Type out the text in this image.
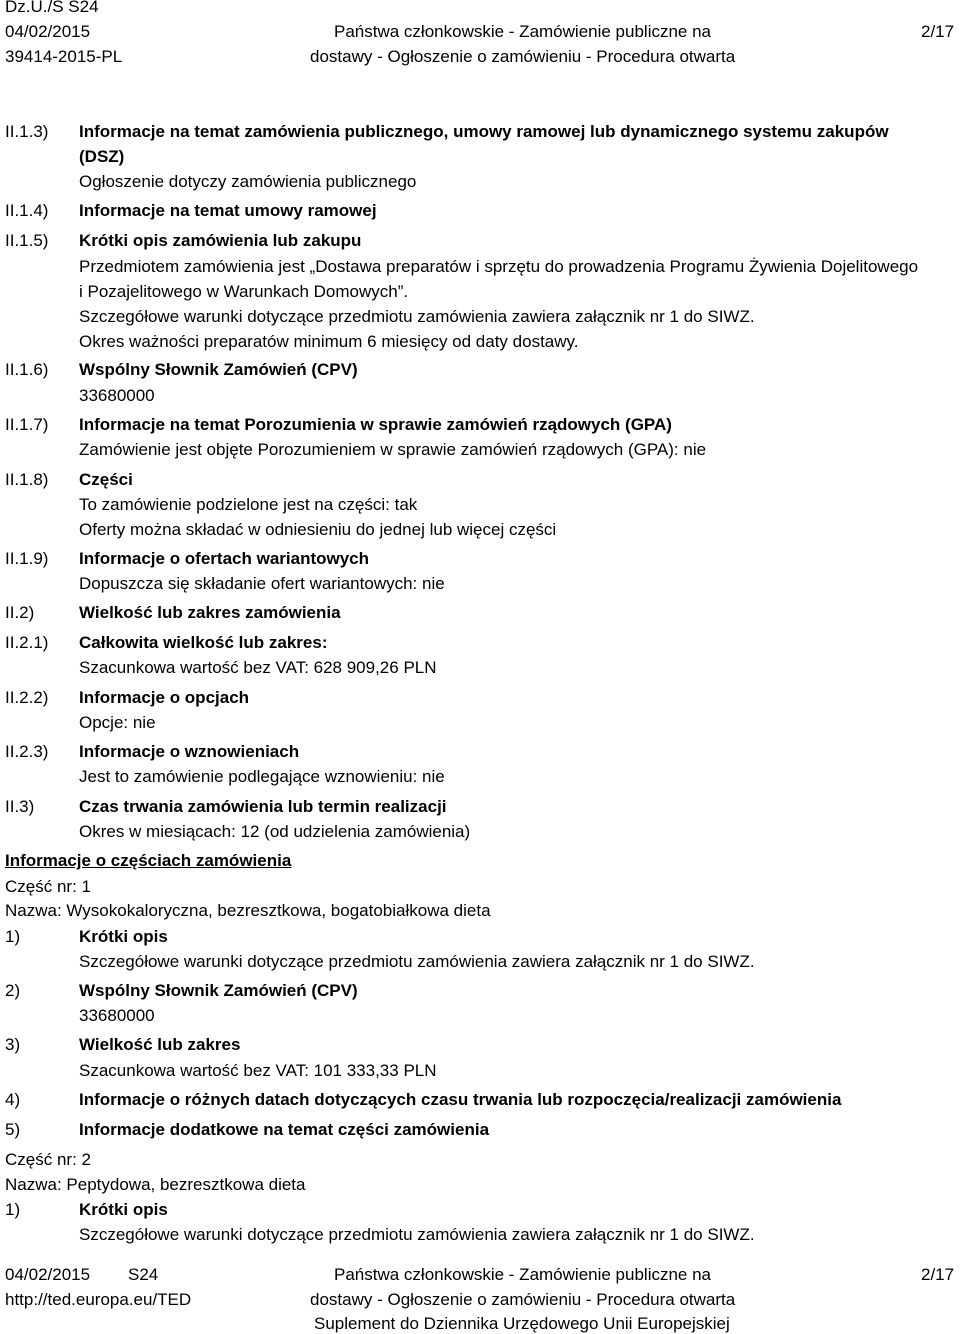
Dz.U./S S24
04/02/2015
39414-2015-PL
Państwa członkowskie - Zamówienie publiczne na
dostawy - Ogłoszenie o zamówieniu - Procedura otwarta
2/17
II.1.3) Informacje na temat zamówienia publicznego, umowy ramowej lub dynamicznego systemu zakupów
(DSZ)
Ogłoszenie dotyczy zamówienia publicznego
II.1.4) Informacje na temat umowy ramowej
II.1.5) Krótki opis zamówienia lub zakupu
Przedmiotem zamówienia jest „Dostawa preparatów i sprzętu do prowadzenia Programu Żywienia Dojelitowego
i Pozajelitowego w Warunkach Domowych”.
Szczegółowe warunki dotyczące przedmiotu zamówienia zawiera załącznik nr 1 do SIWZ.
Okres ważności preparatów minimum 6 miesięcy od daty dostawy.
II.1.6) Wspólny Słownik Zamówień (CPV)
33680000
II.1.7) Informacje na temat Porozumienia w sprawie zamówień rządowych (GPA)
Zamówienie jest objęte Porozumieniem w sprawie zamówień rządowych (GPA): nie
II.1.8) Części
To zamówienie podzielone jest na części: tak
Oferty można składać w odniesieniu do jednej lub więcej części
II.1.9) Informacje o ofertach wariantowych
Dopuszcza się składanie ofert wariantowych: nie
II.2)	Wielkość lub zakres zamówienia
II.2.1) Całkowita wielkość lub zakres:
Szacunkowa wartość bez VAT: 628 909,26 PLN
II.2.2) Informacje o opcjach
Opcje: nie
II.2.3) Informacje o wznowieniach
Jest to zamówienie podlegające wznowieniu: nie
II.3)	Czas trwania zamówienia lub termin realizacji
Okres w miesiącach: 12 (od udzielenia zamówienia)
Informacje o częściach zamówienia
Część nr: 1
Nazwa: Wysokokaloryczna, bezresztkowa, bogatobiałkowa dieta
1)	Krótki opis
Szczegółowe warunki dotyczące przedmiotu zamówienia zawiera załącznik nr 1 do SIWZ.
2)	Wspólny Słownik Zamówień (CPV)
33680000
3)	Wielkość lub zakres
Szacunkowa wartość bez VAT: 101 333,33 PLN
4)	Informacje o różnych datach dotyczących czasu trwania lub rozpoczęcia/realizacji zamówienia
5)	Informacje dodatkowe na temat części zamówienia
Część nr: 2
Nazwa: Peptydowa, bezresztkowa dieta
1)	Krótki opis
Szczegółowe warunki dotyczące przedmiotu zamówienia zawiera załącznik nr 1 do SIWZ.
04/02/2015 S24
http://ted.europa.eu/TED
Państwa członkowskie - Zamówienie publiczne na
dostawy - Ogłoszenie o zamówieniu - Procedura otwarta
Suplement do Dziennika Urzędowego Unii Europejskiej
2/17
